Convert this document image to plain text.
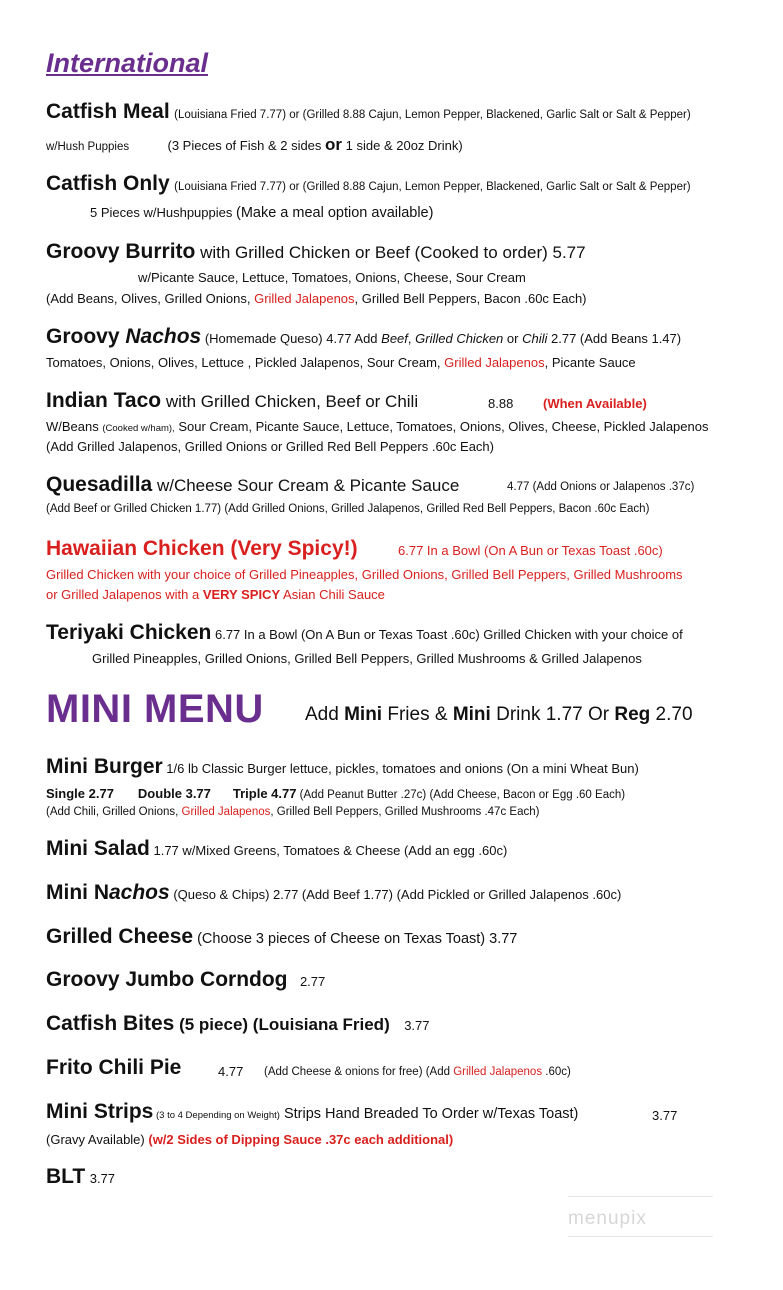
International
Catfish Meal (Louisiana Fried 7.77) or (Grilled 8.88 Cajun, Lemon Pepper, Blackened, Garlic Salt or Salt & Pepper)
w/Hush Puppies	(3 Pieces of Fish & 2 sides or 1 side & 20oz Drink)
Catfish Only (Louisiana Fried 7.77) or (Grilled 8.88 Cajun, Lemon Pepper, Blackened, Garlic Salt or Salt & Pepper)
5 Pieces w/Hushpuppies (Make a meal option available)
Groovy Burrito with Grilled Chicken or Beef (Cooked to order) 5.77
w/Picante Sauce, Lettuce, Tomatoes, Onions, Cheese, Sour Cream
(Add Beans, Olives, Grilled Onions, Grilled Jalapenos, Grilled Bell Peppers, Bacon .60c Each)
Groovy Nachos (Homemade Queso) 4.77 Add Beef, Grilled Chicken or Chili 2.77 (Add Beans 1.47)
Tomatoes, Onions, Olives, Lettuce , Pickled Jalapenos, Sour Cream, Grilled Jalapenos, Picante Sauce
Indian Taco with Grilled Chicken, Beef or Chili	8.88 (When Available)
W/Beans (Cooked w/ham), Sour Cream, Picante Sauce, Lettuce, Tomatoes, Onions, Olives, Cheese, Pickled Jalapenos
(Add Grilled Jalapenos, Grilled Onions or Grilled Red Bell Peppers .60c Each)
Quesadilla w/Cheese Sour Cream & Picante Sauce	4.77 (Add Onions or Jalapenos .37c)
(Add Beef or Grilled Chicken 1.77) (Add Grilled Onions, Grilled Jalapenos, Grilled Red Bell Peppers, Bacon .60c Each)
Hawaiian Chicken (Very Spicy!)	6.77 In a Bowl (On A Bun or Texas Toast .60c)
Grilled Chicken with your choice of Grilled Pineapples, Grilled Onions, Grilled Bell Peppers, Grilled Mushrooms
or Grilled Jalapenos with a VERY SPICY Asian Chili Sauce
Teriyaki Chicken 6.77 In a Bowl (On A Bun or Texas Toast .60c) Grilled Chicken with your choice of
Grilled Pineapples, Grilled Onions, Grilled Bell Peppers, Grilled Mushrooms & Grilled Jalapenos
MINI MENU Add Mini Fries & Mini Drink 1.77 Or Reg 2.70
Mini Burger 1/6 lb Classic Burger lettuce, pickles, tomatoes and onions (On a mini Wheat Bun)
Single 2.77 Double 3.77 Triple 4.77 (Add Peanut Butter .27c) (Add Cheese, Bacon or Egg .60 Each)
(Add Chili, Grilled Onions, Grilled Jalapenos, Grilled Bell Peppers, Grilled Mushrooms .47c Each)
Mini Salad 1.77 w/Mixed Greens, Tomatoes & Cheese (Add an egg .60c)
Mini Nachos (Queso & Chips) 2.77 (Add Beef 1.77) (Add Pickled or Grilled Jalapenos .60c)
Grilled Cheese (Choose 3 pieces of Cheese on Texas Toast) 3.77
Groovy Jumbo Corndog 2.77
Catfish Bites (5 piece) (Louisiana Fried) 3.77
Frito Chili Pie	4.77 (Add Cheese & onions for free) (Add Grilled Jalapenos .60c)
Mini Strips (3 to 4 Depending on Weight) Strips Hand Breaded To Order w/Texas Toast)	3.77
(Gravy Available) (w/2 Sides of Dipping Sauce .37c each additional)
BLT 3.77
menupix
